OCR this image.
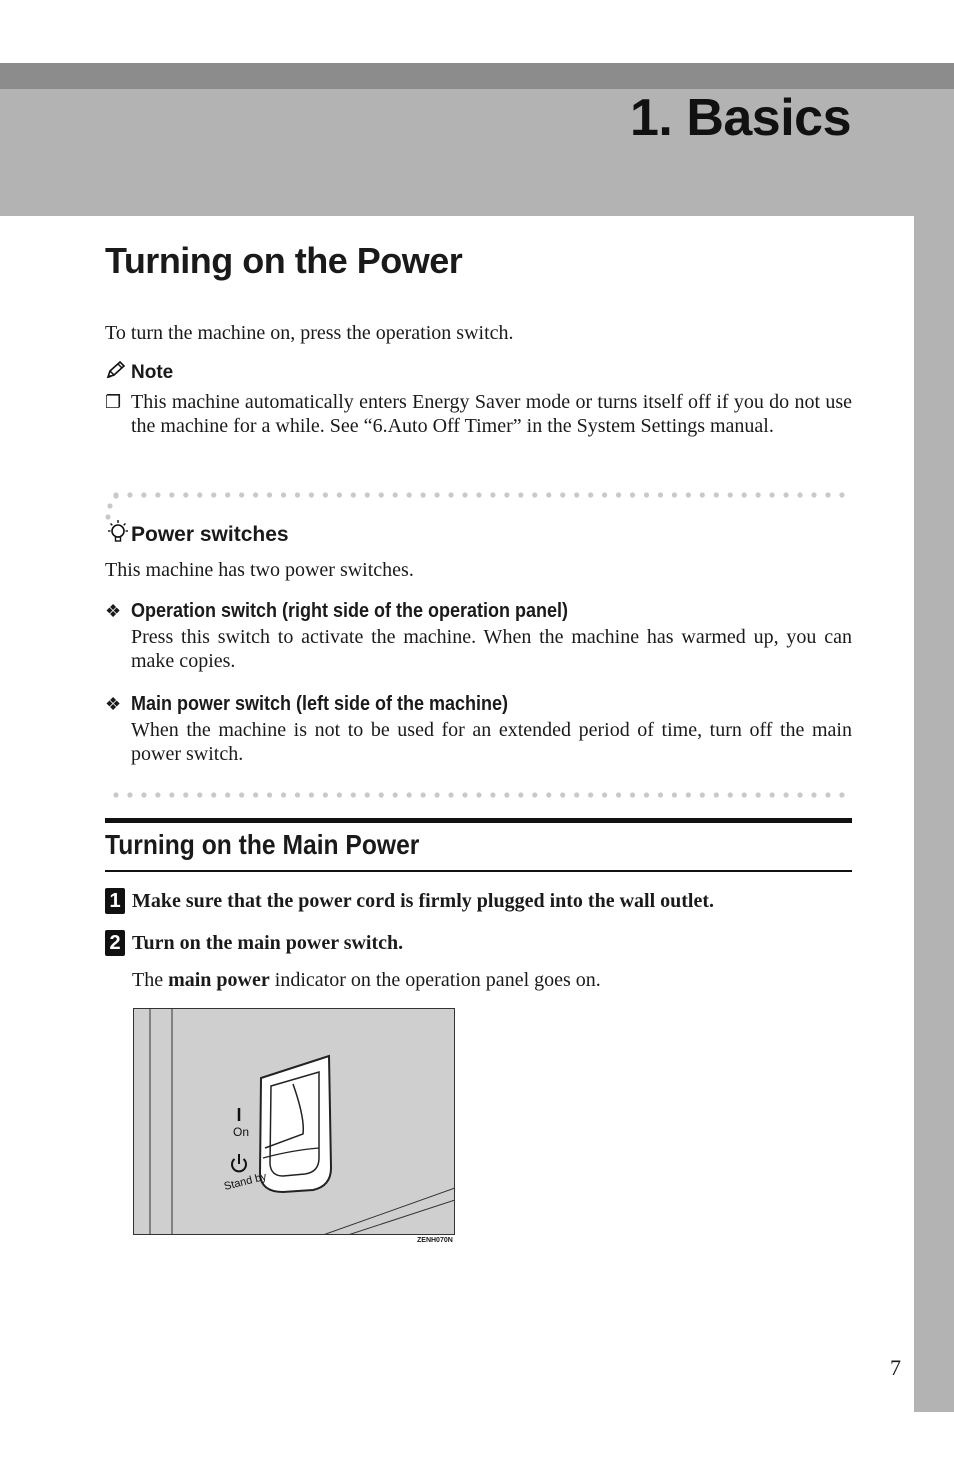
1. Basics
Turning on the Power
To turn the machine on, press the operation switch.
Note
❐ This machine automatically enters Energy Saver mode or turns itself off if you do not use the machine for a while. See “6.Auto Off Timer” in the System Settings manual.
Power switches
This machine has two power switches.
❖ Operation switch (right side of the operation panel)
Press this switch to activate the machine. When the machine has warmed up, you can make copies.
❖ Main power switch (left side of the machine)
When the machine is not to be used for an extended period of time, turn off the main power switch.
Turning on the Main Power
1 Make sure that the power cord is firmly plugged into the wall outlet.
2 Turn on the main power switch.
The main power indicator on the operation panel goes on.
On
Stand by
ZENH070N
7
